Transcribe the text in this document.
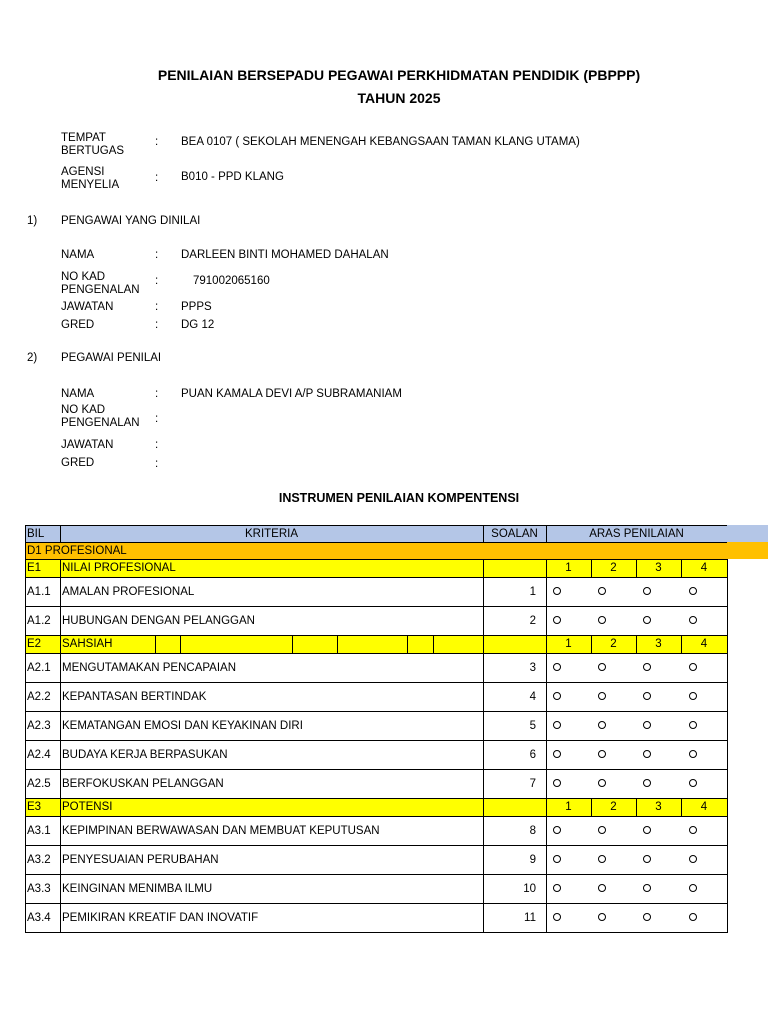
PENILAIAN BERSEPADU PEGAWAI PERKHIDMATAN PENDIDIK (PBPPP)
TAHUN 2025
TEMPAT
BERTUGAS
: BEA 0107 ( SEKOLAH MENENGAH KEBANGSAAN TAMAN KLANG UTAMA)
AGENSI
MENYELIA
: B010 - PPD KLANG
1) PENGAWAI YANG DINILAI
NAMA	: DARLEEN BINTI MOHAMED DAHALAN
NO KAD
PENGENALAN
:	791002065160
JAWATAN	: PPPS
GRED	: DG 12
2) PEGAWAI PENILAI
NAMA	: PUAN KAMALA DEVI A/P SUBRAMANIAM
NO KAD
PENGENALAN	:
JAWATAN	:
GRED	:
INSTRUMEN PENILAIAN KOMPENTENSI
BIL	KRITERIA	SOALAN	ARAS PENILAIAN
D1 PROFESIONAL
E1	NILAI PROFESIONAL	1	2	3	4
A1.1 AMALAN PROFESIONAL	1
A1.2 HUBUNGAN DENGAN PELANGGAN	2
E2	SAHSIAH	1	2	3	4
A2.1 MENGUTAMAKAN PENCAPAIAN	3
A2.2 KEPANTASAN BERTINDAK	4
A2.3 KEMATANGAN EMOSI DAN KEYAKINAN DIRI	5
A2.4 BUDAYA KERJA BERPASUKAN	6
A2.5 BERFOKUSKAN PELANGGAN	7
E3	POTENSI	1	2	3	4
A3.1 KEPIMPINAN BERWAWASAN DAN MEMBUAT KEPUTUSAN	8
A3.2 PENYESUAIAN PERUBAHAN	9
A3.3 KEINGINAN MENIMBA ILMU	10
A3.4 PEMIKIRAN KREATIF DAN INOVATIF	11
